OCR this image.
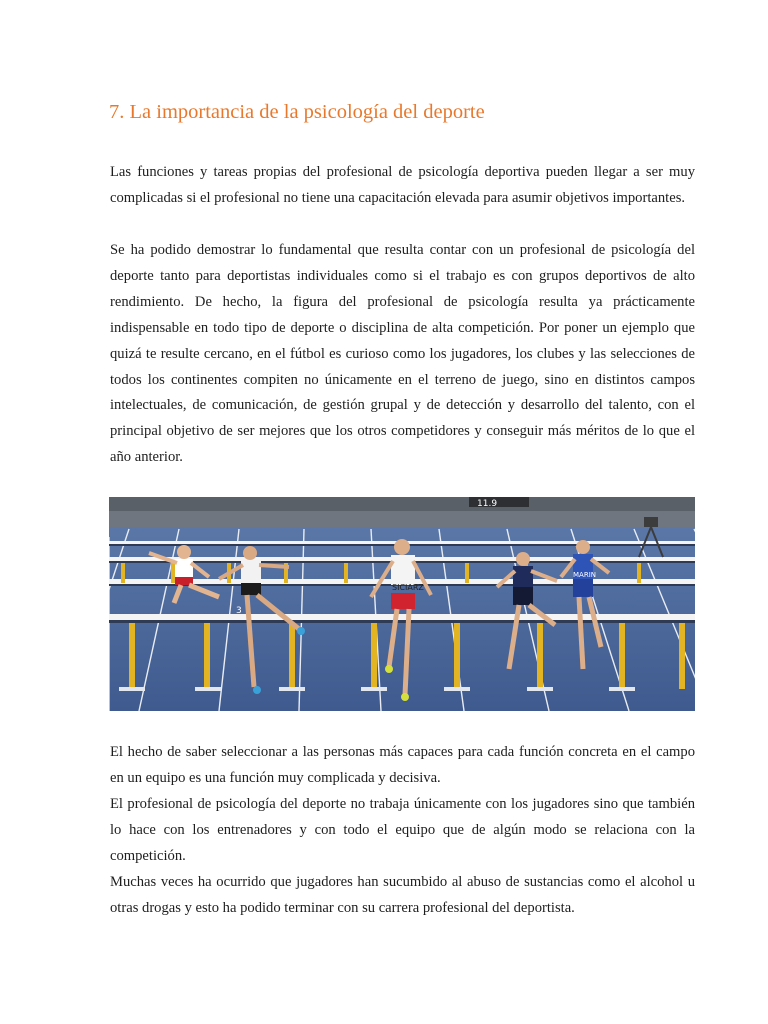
7. La importancia de la psicología del deporte

Las funciones y tareas propias del profesional de psicología deportiva pueden llegar a ser muy complicadas si el profesional no tiene una capacitación elevada para asumir objetivos importantes.

Se ha podido demostrar lo fundamental que resulta contar con un profesional de psicología del deporte tanto para deportistas individuales como si el trabajo es con grupos deportivos de alto rendimiento. De hecho, la figura del profesional de psicología resulta ya prácticamente indispensable en todo tipo de deporte o disciplina de alta competición. Por poner un ejemplo que quizá te resulte cercano, en el fútbol es curioso como los jugadores, los clubes y las selecciones de todos los continentes compiten no únicamente en el terreno de juego, sino en distintos campos intelectuales, de comunicación, de gestión grupal y de detección y desarrollo del talento, con el principal objetivo de ser mejores que los otros competidores y conseguir más méritos de lo que el año anterior.

11.9
3
SICIARZ
MARIN

El hecho de saber seleccionar a las personas más capaces para cada función concreta en el campo en un equipo es una función muy complicada y decisiva.

El profesional de psicología del deporte no trabaja únicamente con los jugadores sino que también lo hace con los entrenadores y con todo el equipo que de algún modo se relaciona con la competición.

Muchas veces ha ocurrido que jugadores han sucumbido al abuso de sustancias como el alcohol u otras drogas y esto ha podido terminar con su carrera profesional del deportista.
